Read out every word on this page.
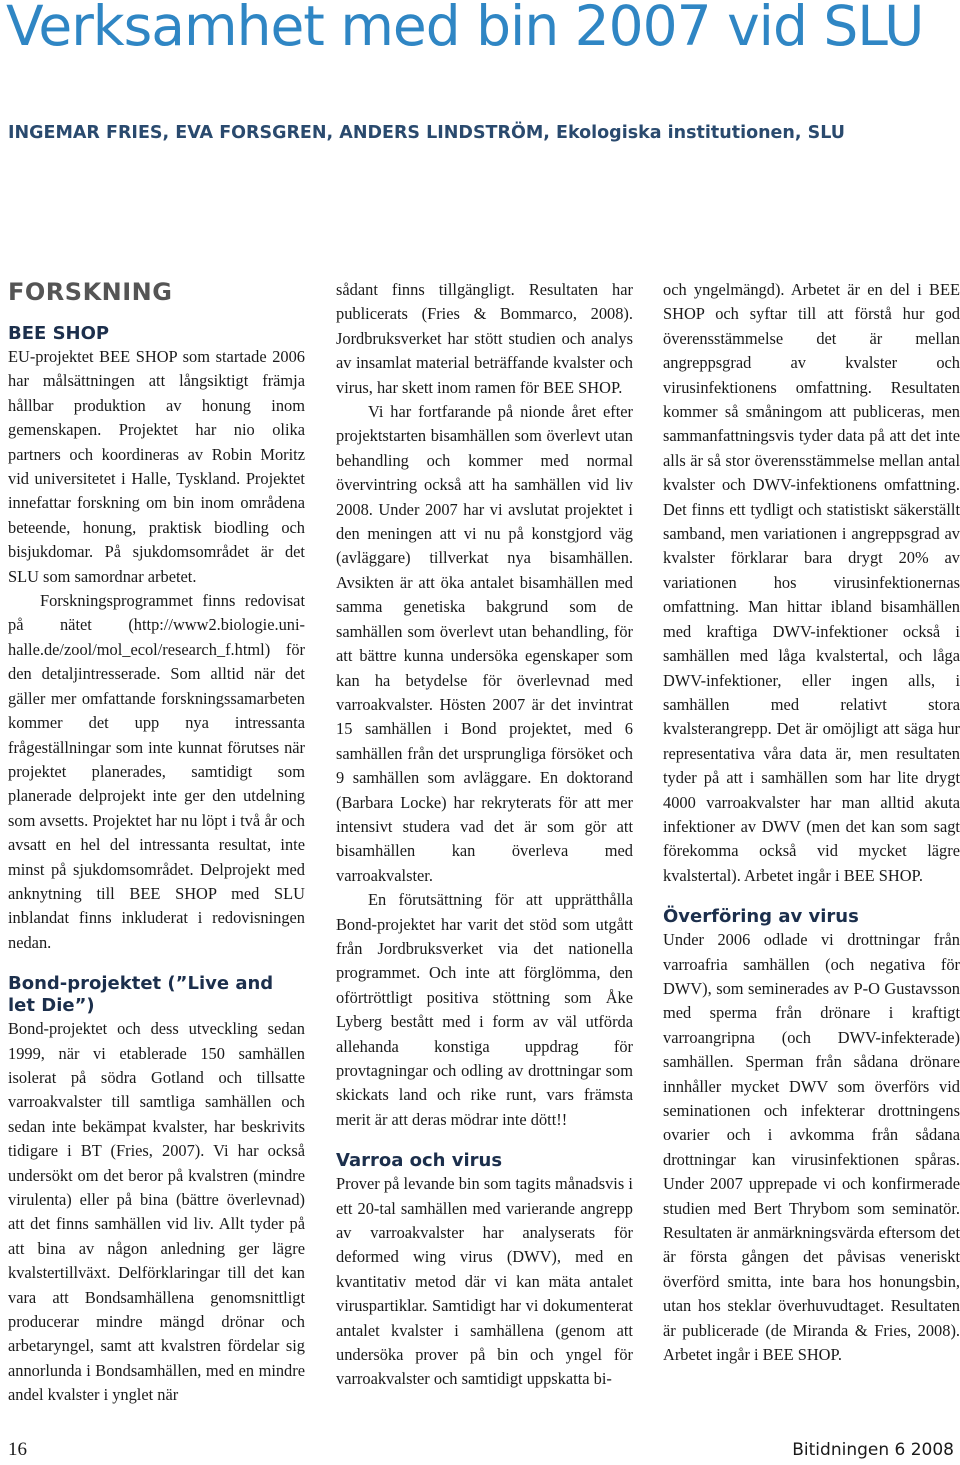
Verksamhet med bin 2007 vid SLU
INGEMAR FRIES, EVA FORSGREN, ANDERS LINDSTRÖM, Ekologiska institutionen, SLU
FORSKNING
BEE SHOP

EU-projektet BEE SHOP som startade 2006 har målsättningen att långsiktigt främja hållbar produktion av honung inom gemenskapen. Projektet har nio olika partners och koordineras av Robin Moritz vid universitetet i Halle, Tyskland. Projektet innefattar forskning om bin inom områdena beteende, honung, praktisk biodling och bisjukdomar. På sjukdomsområdet är det SLU som samordnar arbetet.

Forskningsprogrammet finns redovisat på nätet (http://www2.biologie.uni-halle.de/zool/mol_ecol/research_f.html) för den detaljintresserade. Som alltid när det gäller mer omfattande forskningssamarbeten kommer det upp nya intressanta frågeställningar som inte kunnat förutses när projektet planerades, samtidigt som planerade delprojekt inte ger den utdelning som avsetts. Projektet har nu löpt i två år och avsatt en hel del intressanta resultat, inte minst på sjukdomsområdet. Delprojekt med anknytning till BEE SHOP med SLU inblandat finns inkluderat i redovisningen nedan.

Bond-projektet (”Live and let Die”)

Bond-projektet och dess utveckling sedan 1999, när vi etablerade 150 samhällen isolerat på södra Gotland och tillsatte varroakvalster till samtliga samhällen och sedan inte bekämpat kvalster, har beskrivits tidigare i BT (Fries, 2007). Vi har också undersökt om det beror på kvalstren (mindre virulenta) eller på bina (bättre överlevnad) att det finns samhällen vid liv. Allt tyder på att bina av någon anledning ger lägre kvalstertillväxt. Delförklaringar till det kan vara att Bondsamhällena genomsnittligt producerar mindre mängd drönar och arbetaryngel, samt att kvalstren fördelar sig annorlunda i Bondsamhällen, med en mindre andel kvalster i ynglet när

sådant finns tillgängligt. Resultaten har publicerats (Fries & Bommarco, 2008). Jordbruksverket har stött studien och analys av insamlat material beträffande kvalster och virus, har skett inom ramen för BEE SHOP.

Vi har fortfarande på nionde året efter projektstarten bisamhällen som överlevt utan behandling och kommer med normal övervintring också att ha samhällen vid liv 2008. Under 2007 har vi avslutat projektet i den meningen att vi nu på konstgjord väg (avläggare) tillverkat nya bisamhällen. Avsikten är att öka antalet bisamhällen med samma genetiska bakgrund som de samhällen som överlevt utan behandling, för att bättre kunna undersöka egenskaper som kan ha betydelse för överlevnad med varroakvalster. Hösten 2007 är det invintrat 15 samhällen i Bond projektet, med 6 samhällen från det ursprungliga försöket och 9 samhällen som avläggare. En doktorand (Barbara Locke) har rekryterats för att mer intensivt studera vad det är som gör att bisamhällen kan överleva med varroakvalster.

En förutsättning för att upprätthålla Bond-projektet har varit det stöd som utgått från Jordbruksverket via det nationella programmet. Och inte att förglömma, den oförtröttligt positiva stöttning som Åke Lyberg bestått med i form av väl utförda allehanda konstiga uppdrag för provtagningar och odling av drottningar som skickats land och rike runt, vars främsta merit är att deras mödrar inte dött!!

Varroa och virus

Prover på levande bin som tagits månadsvis i ett 20-tal samhällen med varierande angrepp av varroakvalster har analyserats för deformed wing virus (DWV), med en kvantitativ metod där vi kan mäta antalet viruspartiklar. Samtidigt har vi dokumenterat antalet kvalster i samhällena (genom att undersöka prover på bin och yngel för varroakvalster och samtidigt uppskatta bi-

och yngelmängd). Arbetet är en del i BEE SHOP och syftar till att förstå hur god överensstämmelse det är mellan angreppsgrad av kvalster och virusinfektionens omfattning. Resultaten kommer så småningom att publiceras, men sammanfattningsvis tyder data på att det inte alls är så stor överensstämmelse mellan antal kvalster och DWV-infektionens omfattning. Det finns ett tydligt och statistiskt säkerställt samband, men variationen i angreppsgrad av kvalster förklarar bara drygt 20% av variationen hos virusinfektionernas omfattning. Man hittar ibland bisamhällen med kraftiga DWV-infektioner också i samhällen med låga kvalstertal, och låga DWV-infektioner, eller ingen alls, i samhällen med relativt stora kvalsterangrepp. Det är omöjligt att säga hur representativa våra data är, men resultaten tyder på att i samhällen som har lite drygt 4000 varroakvalster har man alltid akuta infektioner av DWV (men det kan som sagt förekomma också vid mycket lägre kvalstertal). Arbetet ingår i BEE SHOP.

Överföring av virus

Under 2006 odlade vi drottningar från varroafria samhällen (och negativa för DWV), som seminerades av P-O Gustavsson med sperma från drönare i kraftigt varroangripna (och DWV-infekterade) samhällen. Sperman från sådana drönare innhåller mycket DWV som överförs vid seminationen och infekterar drottningens ovarier och i avkomma från sådana drottningar kan virusinfektionen spåras. Under 2007 upprepade vi och konfirmerade studien med Bert Thrybom som seminatör. Resultaten är anmärkningsvärda eftersom det är första gången det påvisas veneriskt överförd smitta, inte bara hos honungsbin, utan hos steklar överhuvudtaget. Resultaten är publicerade (de Miranda & Fries, 2008). Arbetet ingår i BEE SHOP.

16	Bitidningen 6 2008
